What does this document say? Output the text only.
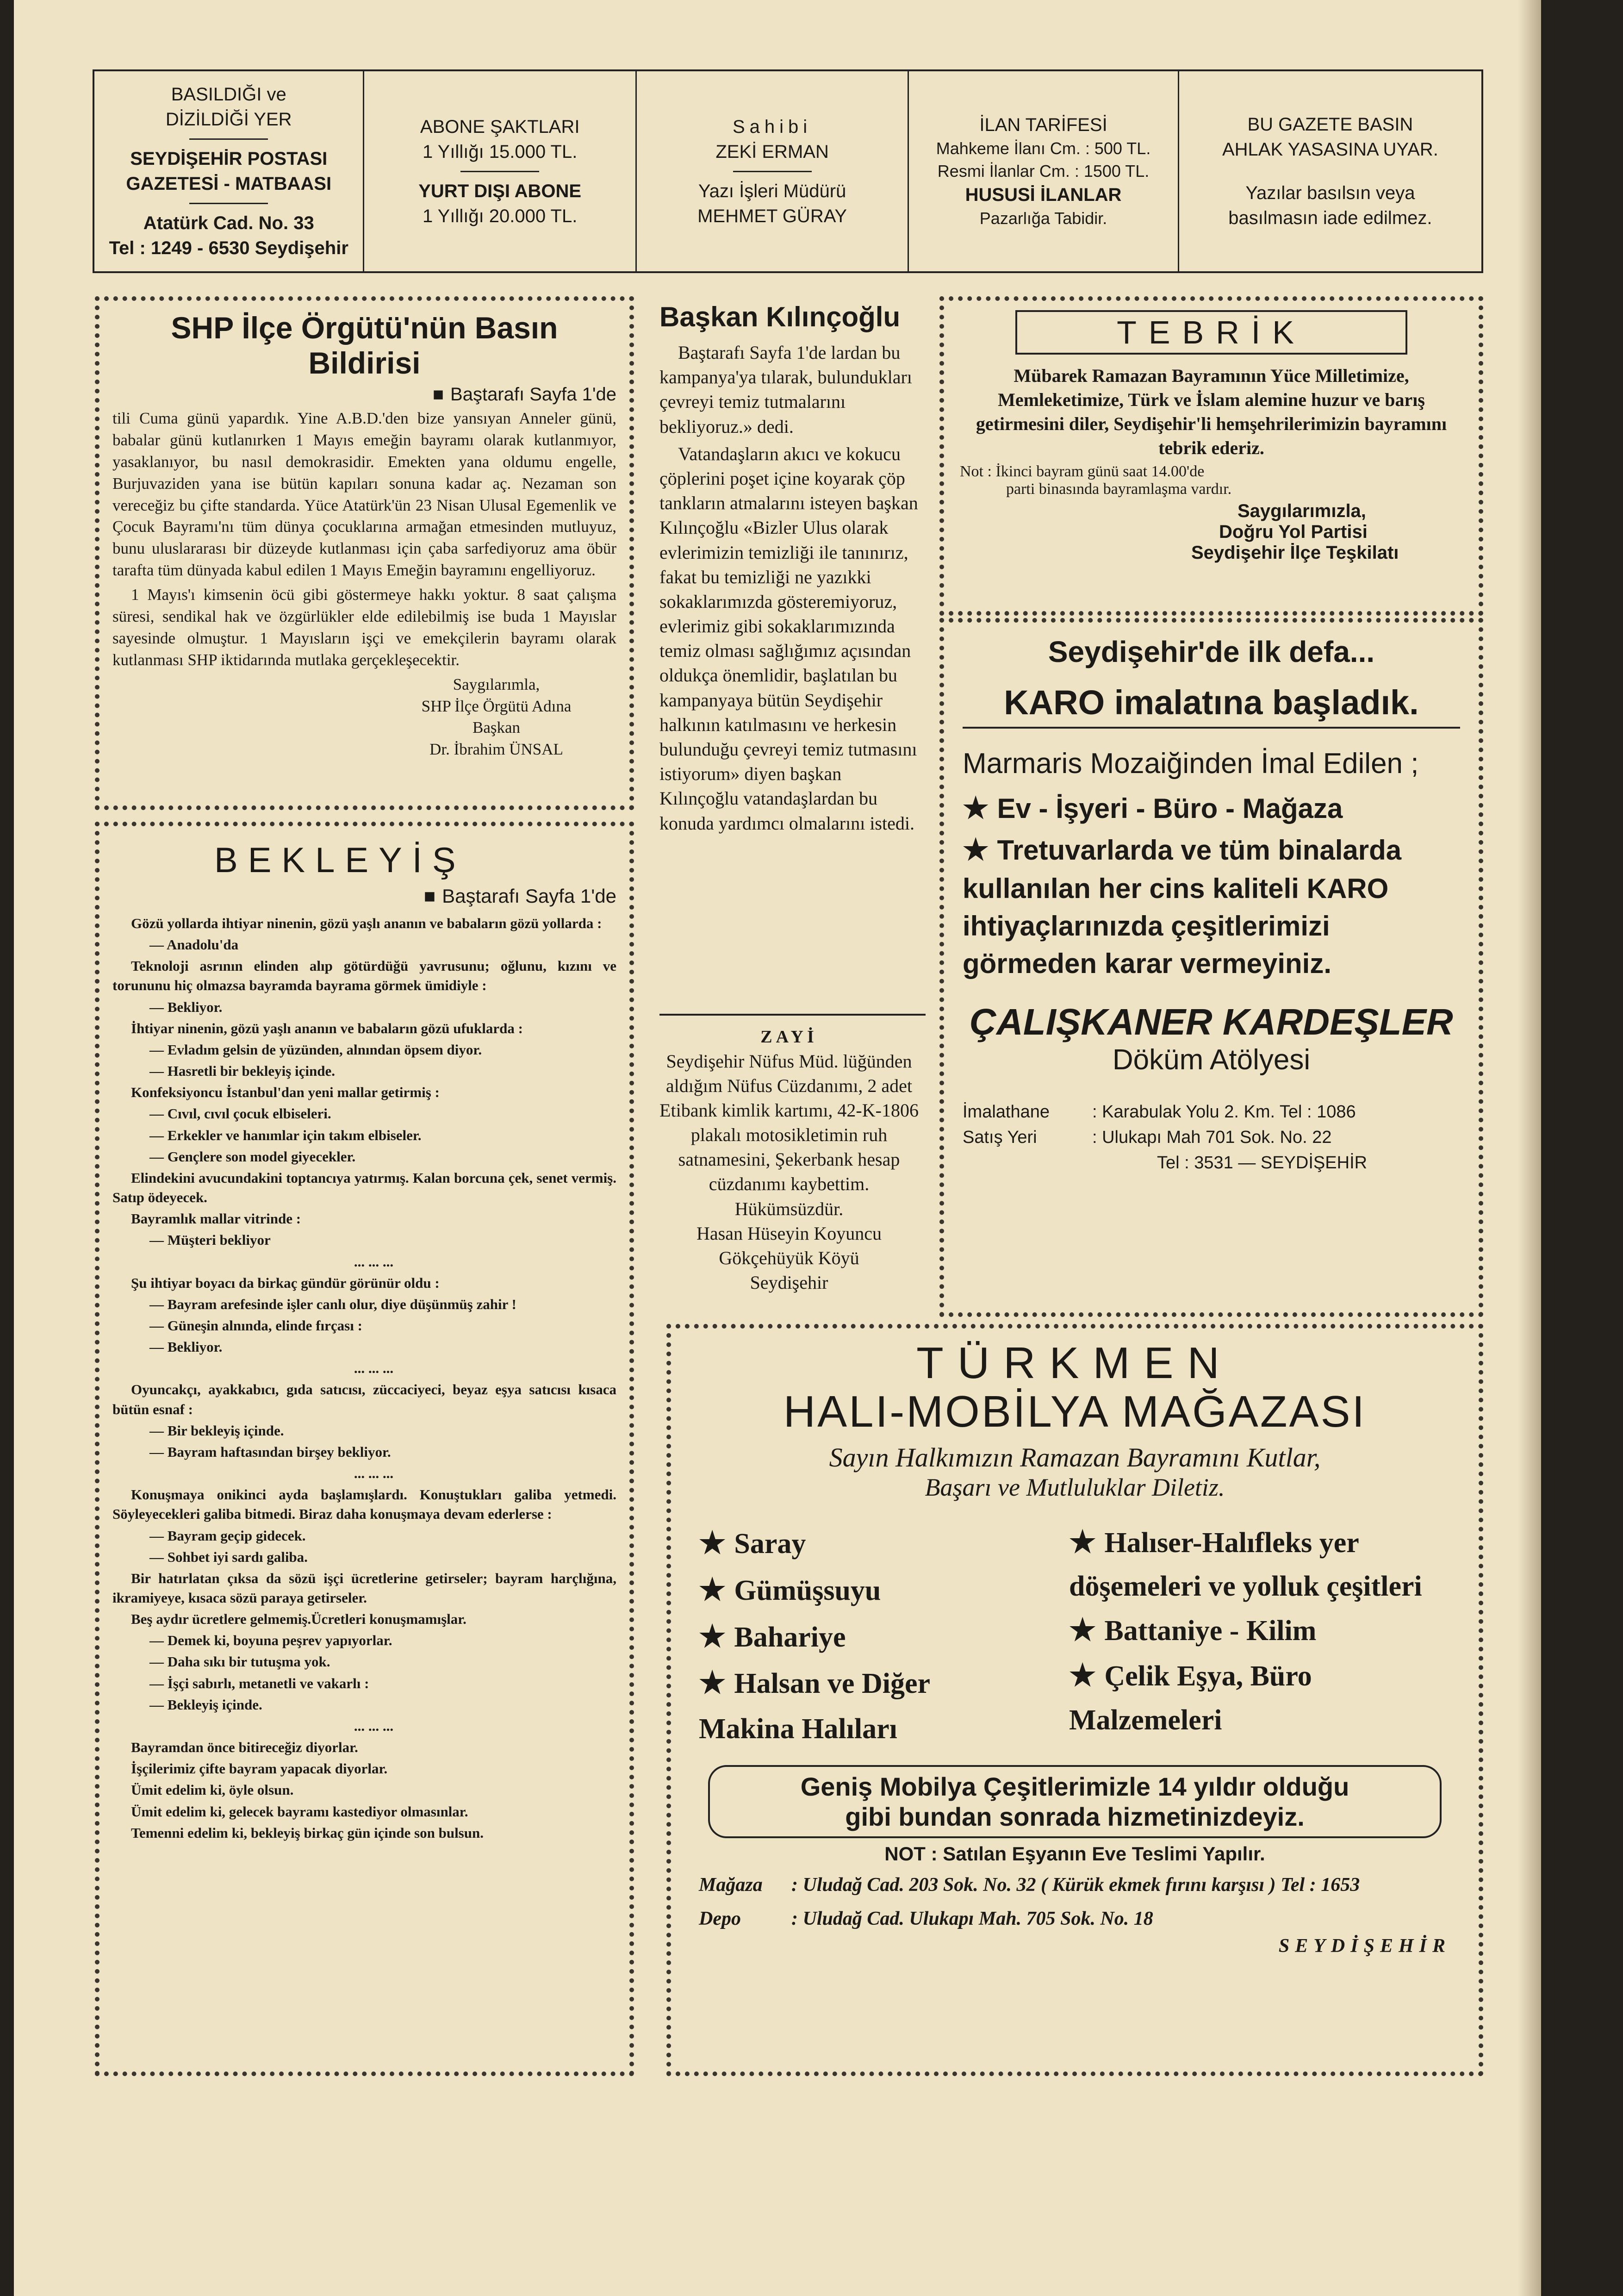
BASILDIĞI ve
DİZİLDİĞİ YER
SEYDİŞEHİR POSTASI
GAZETESİ - MATBAASI
Atatürk Cad. No. 33
Tel : 1249 - 6530 Seydişehir
ABONE ŞAKTLARI
1 Yıllığı 15.000 TL.
YURT DIŞI ABONE
1 Yıllığı 20.000 TL.
Sahibi
ZEKİ ERMAN
Yazı İşleri Müdürü
MEHMET GÜRAY
İLAN TARİFESİ
Mahkeme İlanı Cm. : 500 TL.
Resmi İlanlar Cm. : 1500 TL.
HUSUSİ İLANLAR
Pazarlığa Tabidir.
BU GAZETE BASIN
AHLAK YASASINA UYAR.
Yazılar basılsın veya
basılmasın iade edilmez.
SHP İlçe Örgütü'nün Basın Bildirisi
■ Baştarafı Sayfa 1'de

tili Cuma günü yapardık. Yine A.B.D.'den bize yansıyan Anneler günü, babalar günü kutlanırken 1 Mayıs emeğin bayramı olarak kutlanmıyor, yasaklanıyor, bu nasıl demokrasidir. Emekten yana oldumu engelle, Burjuvaziden yana ise bütün kapıları sonuna kadar aç. Nezaman son vereceğiz bu çifte standarda. Yüce Atatürk'ün 23 Nisan Ulusal Egemenlik ve Çocuk Bayramı'nı tüm dünya çocuklarına armağan etmesinden mutluyuz, bunu uluslararası bir düzeyde kutlanması için çaba sarfediyoruz ama öbür tarafta tüm dünyada kabul edilen 1 Mayıs Emeğin bayramını engelliyoruz.

1 Mayıs'ı kimsenin öcü gibi göstermeye hakkı yoktur. 8 saat çalışma süresi, sendikal hak ve özgürlükler elde edilebilmiş ise buda 1 Mayıslar sayesinde olmuştur. 1 Mayısların işçi ve emekçilerin bayramı olarak kutlanması SHP iktidarında mutlaka gerçekleşecektir.

Saygılarımla,
SHP İlçe Örgütü Adına
Başkan
Dr. İbrahim ÜNSAL
BEKLEYİŞ
■ Baştarafı Sayfa 1'de

Gözü yollarda ihtiyar ninenin, gözü yaşlı ananın ve babaların gözü yollarda :

— Anadolu'da

Teknoloji asrının elinden alıp götürdüğü yavrusunu; oğlunu, kızını ve torununu hiç olmazsa bayramda bayrama görmek ümidiyle :

— Bekliyor.

İhtiyar ninenin, gözü yaşlı ananın ve babaların gözü ufuklarda :

— Evladım gelsin de yüzünden, alnından öpsem diyor.

— Hasretli bir bekleyiş içinde.

Konfeksiyoncu İstanbul'dan yeni mallar getirmiş :

— Cıvıl, cıvıl çocuk elbiseleri.

— Erkekler ve hanımlar için takım elbiseler.

— Gençlere son model giyecekler.

Elindekini avucundakini toptancıya yatırmış. Kalan borcuna çek, senet vermiş. Satıp ödeyecek.

Bayramlık mallar vitrinde :

— Müşteri bekliyor

... ... ...

Şu ihtiyar boyacı da birkaç gündür görünür oldu :

— Bayram arefesinde işler canlı olur, diye düşünmüş zahir !

— Güneşin alnında, elinde fırçası :

— Bekliyor.

... ... ...

Oyuncakçı, ayakkabıcı, gıda satıcısı, züccaciyeci, beyaz eşya satıcısı kısaca bütün esnaf :

— Bir bekleyiş içinde.

— Bayram haftasından birşey bekliyor.

... ... ...

Konuşmaya onikinci ayda başlamışlardı. Konuştukları galiba yetmedi. Söyleyecekleri galiba bitmedi. Biraz daha konuşmaya devam ederlerse :

— Bayram geçip gidecek.

— Sohbet iyi sardı galiba.

Bir hatırlatan çıksa da sözü işçi ücretlerine getirseler; bayram harçlığına, ikramiyeye, kısaca sözü paraya getirseler.

Beş aydır ücretlere gelmemiş.Ücretleri konuşmamışlar.

— Demek ki, boyuna peşrev yapıyorlar.

— Daha sıkı bir tutuşma yok.

— İşçi sabırlı, metanetli ve vakarlı :

— Bekleyiş içinde.

... ... ...

Bayramdan önce bitireceğiz diyorlar.

İşçilerimiz çifte bayram yapacak diyorlar.

Ümit edelim ki, öyle olsun.

Ümit edelim ki, gelecek bayramı kastediyor olmasınlar.

Temenni edelim ki, bekleyiş birkaç gün içinde son bulsun.

Başkan Kılınçoğlu

Baştarafı Sayfa 1'de lardan bu kampanya'ya tılarak, bulundukları çevreyi temiz tutmalarını bekliyoruz.» dedi.

Vatandaşların akıcı ve kokucu çöplerini poşet içine koyarak çöp tankların atmalarını isteyen başkan Kılınçoğlu «Bizler Ulus olarak evlerimizin temizliği ile tanınırız, fakat bu temizliği ne yazıkki sokaklarımızda gösteremiyoruz, evlerimiz gibi sokaklarımızında temiz olması sağlığımız açısından oldukça önemlidir, başlatılan bu kampanyaya bütün Seydişehir halkının katılmasını ve herkesin bulunduğu çevreyi temiz tutmasını istiyorum» diyen başkan Kılınçoğlu vatandaşlardan bu konuda yardımcı olmalarını istedi.

ZAYİ
Seydişehir Nüfus Müd. lüğünden aldığım Nüfus Cüzdanımı, 2 adet Etibank kimlik kartımı, 42-K-1806 plakalı motosikletimin ruh satnamesini, Şekerbank hesap cüzdanımı kaybettim. Hükümsüzdür.
Hasan Hüseyin Koyuncu
Gökçehüyük Köyü
Seydişehir
TEBRİK
Mübarek Ramazan Bayramının Yüce Milletimize, Memleketimize, Türk ve İslam alemine huzur ve barış getirmesini diler, Seydişehir'li hemşehrilerimizin bayramını tebrik ederiz.
Not : İkinci bayram günü saat 14.00'de
parti binasında bayramlaşma vardır.
Saygılarımızla,
Doğru Yol Partisi
Seydişehir İlçe Teşkilatı
Seydişehir'de ilk defa...
KARO imalatına başladık.
Marmaris Mozaiğinden İmal Edilen ;
★ Ev - İşyeri - Büro - Mağaza
★ Tretuvarlarda ve tüm binalarda kullanılan her cins kaliteli KARO ihtiyaçlarınızda çeşitlerimizi görmeden karar vermeyiniz.
ÇALIŞKANER KARDEŞLER
Döküm Atölyesi
İmalathane : Karabulak Yolu 2. Km. Tel : 1086
Satış Yeri	: Ulukapı Mah 701 Sok. No. 22
Tel : 3531 — SEYDİŞEHİR
TÜRKMEN
HALI-MOBİLYA MAĞAZASI
Sayın Halkımızın Ramazan Bayramını Kutlar,
Başarı ve Mutluluklar Diletiz.
★ Saray
★ Gümüşsuyu
★ Bahariye
★ Halsan ve Diğer Makina Halıları
★ Halıser-Halıfleks yer döşemeleri ve yolluk çeşitleri
★ Battaniye - Kilim
★ Çelik Eşya, Büro Malzemeleri
Geniş Mobilya Çeşitlerimizle 14 yıldır olduğu
gibi bundan sonrada hizmetinizdeyiz.
NOT : Satılan Eşyanın Eve Teslimi Yapılır.
Mağaza : Uludağ Cad. 203 Sok. No. 32 ( Kürük ekmek fırını karşısı ) Tel : 1653
Depo	: Uludağ Cad. Ulukapı Mah. 705 Sok. No. 18
SEYDİŞEHİR
